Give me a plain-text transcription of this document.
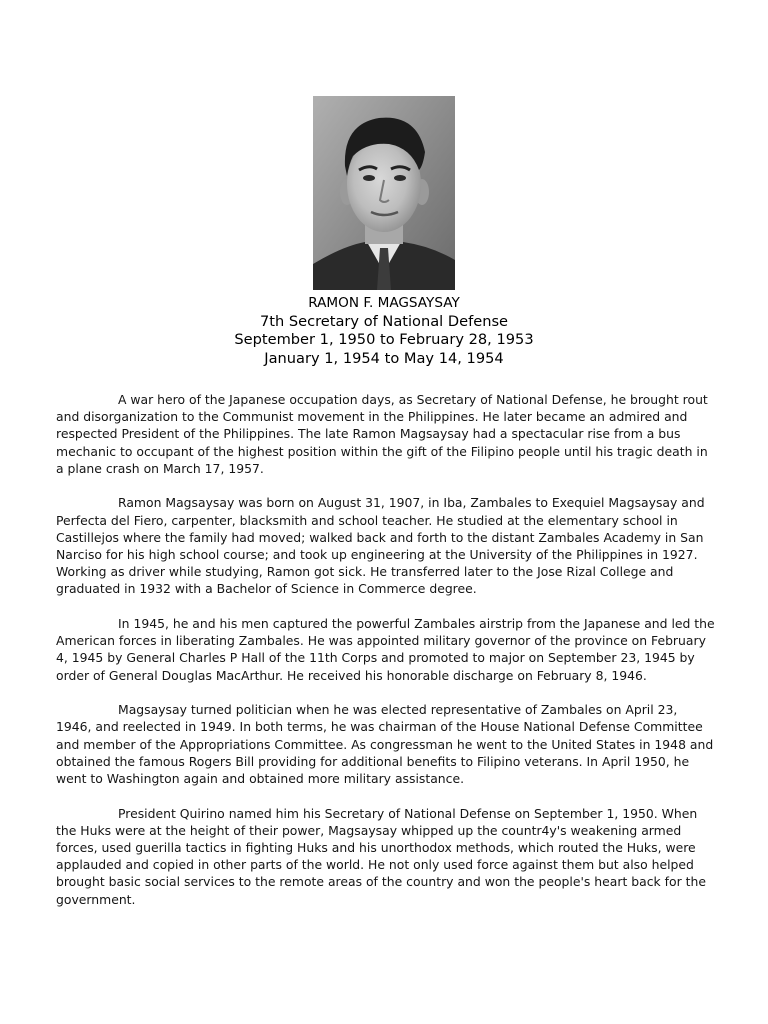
RAMON F. MAGSAYSAY
7th Secretary of National Defense
September 1, 1950 to February 28, 1953
January 1, 1954 to May 14, 1954

A war hero of the Japanese occupation days, as Secretary of National Defense, he brought rout and disorganization to the Communist movement in the Philippines. He later became an admired and respected President of the Philippines. The late Ramon Magsaysay had a spectacular rise from a bus mechanic to occupant of the highest position within the gift of the Filipino people until his tragic death in a plane crash on March 17, 1957.

Ramon Magsaysay was born on August 31, 1907, in Iba, Zambales to Exequiel Magsaysay and Perfecta del Fiero, carpenter, blacksmith and school teacher. He studied at the elementary school in Castillejos where the family had moved; walked back and forth to the distant Zambales Academy in San Narciso for his high school course; and took up engineering at the University of the Philippines in 1927. Working as driver while studying, Ramon got sick. He transferred later to the Jose Rizal College and graduated in 1932 with a Bachelor of Science in Commerce degree.

In 1945, he and his men captured the powerful Zambales airstrip from the Japanese and led the American forces in liberating Zambales. He was appointed military governor of the province on February 4, 1945 by General Charles P Hall of the 11th Corps and promoted to major on September 23, 1945 by order of General Douglas MacArthur. He received his honorable discharge on February 8, 1946.

Magsaysay turned politician when he was elected representative of Zambales on April 23, 1946, and reelected in 1949. In both terms, he was chairman of the House National Defense Committee and member of the Appropriations Committee. As congressman he went to the United States in 1948 and obtained the famous Rogers Bill providing for additional benefits to Filipino veterans. In April 1950, he went to Washington again and obtained more military assistance.

President Quirino named him his Secretary of National Defense on September 1, 1950. When the Huks were at the height of their power, Magsaysay whipped up the countr4y's weakening armed forces, used guerilla tactics in fighting Huks and his unorthodox methods, which routed the Huks, were applauded and copied in other parts of the world. He not only used force against them but also helped brought basic social services to the remote areas of the country and won the people's heart back for the government.
